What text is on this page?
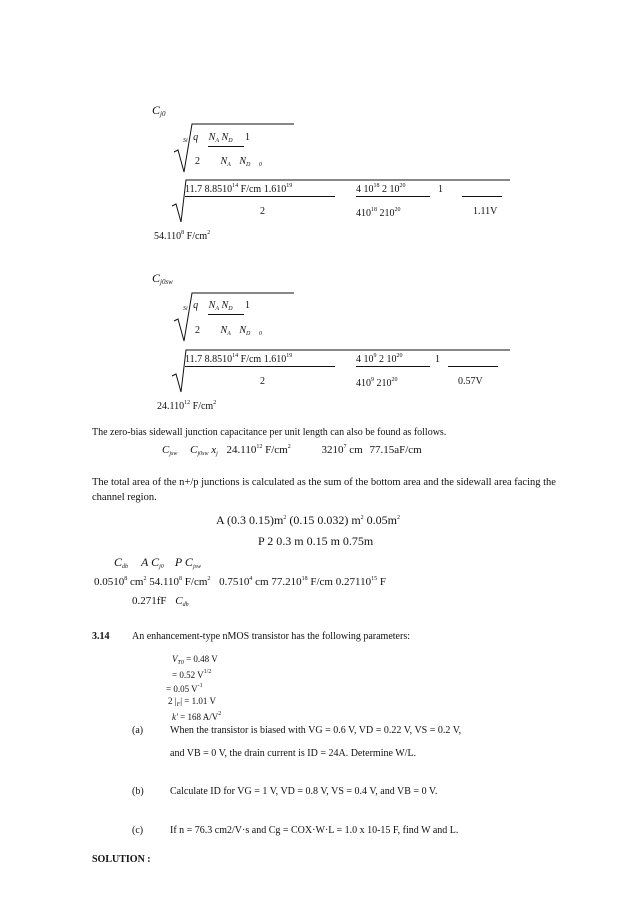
$C_{j0}$
$_{Si}$ q $N_A$ $N_D$ 1
2 $N_A$ $N_D$ $_0$
11.7 8.8510$^{14}$ F/cm 1.610$^{19}$	4 $10^{18}$ 2 $10^{20}$	1
2	$410^{18}$ $210^{20}$	1.11V
54.110$^8$ $F/cm^2$
$C_{j0sw}$
$_{Si}$ q $N_A$ $N_D$ 1
2 $N_A$ $N_D$ $_0$
11.7 8.8510$^{14}$ F/cm 1.610$^{19}$	4 $10^9$ 2 $10^{20}$	1
2	$410^9$ $210^{20}$	0.57V
24.110$^{12}$ $F/cm^2$
The zero-bias sidewall junction capacitance per unit length can also be found as follows.
$C_{jsw}$ $C_{j0sw}$ $x_j$ 24.110$^{12}$ $F/cm^2$	3210$^7$ cm 77.15aF/cm
The total area of the n+/p junctions is calculated as the sum of the bottom area and the sidewall area facing the channel region.
A (0.3 $0.15)m^2$ (0.15 0.032) $m^2$ $0.05m^2$
P 2 0.3 m 0.15 m 0.75m
$C_{db}$ A $C_{j0}$ P $C_{jsw}$
0.0510$^8$ $cm^2$ 54.110$^8$ $F/cm^2$ 0.7510$^4$ cm 77.210$^{18}$ F/cm 0.27110$^{15}$ F
0.271fF $C_{db}$
3.14 An enhancement-type nMOS transistor has the following parameters:
$V_{T0} = 0.48$ V
= 0.52 $V^{1/2}$
= 0.05 $V^{-1}$
2 $|_F| = 1.01$ V
k' = 168 $A/V^2$
(a)	When the transistor is biased with VG = 0.6 V, VD = 0.22 V, VS = 0.2 V,
and VB = 0 V, the drain current is ID = 24A. Determine W/L.
(b)	Calculate ID for VG = 1 V, VD = 0.8 V, VS = 0.4 V, and VB = 0 V.
(c)	If n = 76.3 cm2/V·s and Cg = COX·W·L = 1.0 x 10-15 F, find W and L.
SOLUTION :
